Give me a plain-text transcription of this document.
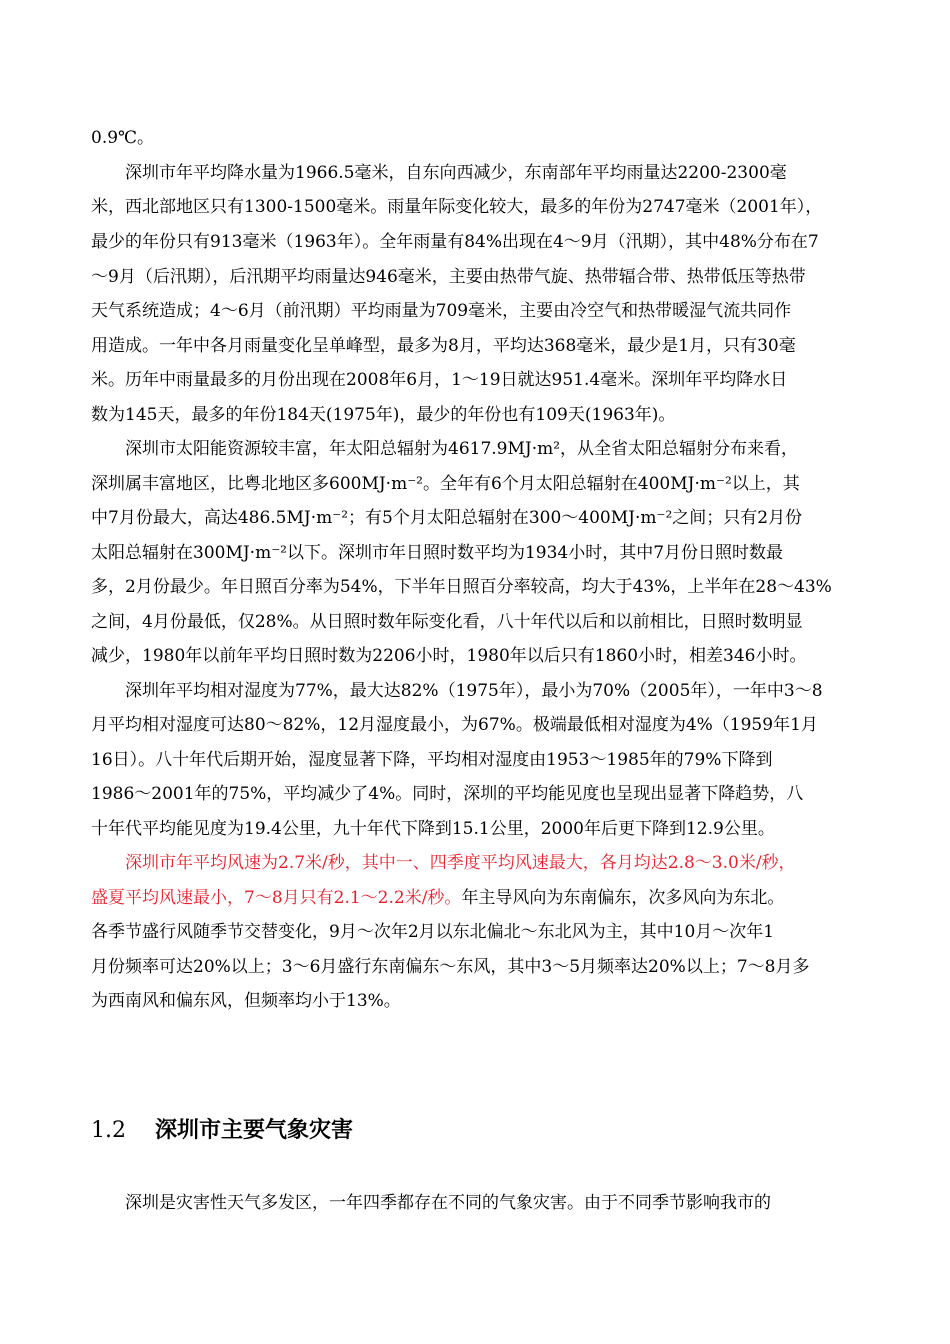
0.9℃。
　　深圳市年平均降水量为1966.5毫米，自东向西减少，东南部年平均雨量达2200-2300毫
米，西北部地区只有1300-1500毫米。雨量年际变化较大，最多的年份为2747毫米（2001年），
最少的年份只有913毫米（1963年）。全年雨量有84%出现在4～9月（汛期），其中48%分布在7
～9月（后汛期），后汛期平均雨量达946毫米，主要由热带气旋、热带辐合带、热带低压等热带
天气系统造成；4～6月（前汛期）平均雨量为709毫米，主要由冷空气和热带暖湿气流共同作
用造成。一年中各月雨量变化呈单峰型，最多为8月，平均达368毫米，最少是1月，只有30毫
米。历年中雨量最多的月份出现在2008年6月，1～19日就达951.4毫米。深圳年平均降水日
数为145天，最多的年份184天(1975年)，最少的年份也有109天(1963年)。
　　深圳市太阳能资源较丰富，年太阳总辐射为4617.9MJ·m²，从全省太阳总辐射分布来看，
深圳属丰富地区，比粤北地区多600MJ·m⁻²。全年有6个月太阳总辐射在400MJ·m⁻²以上，其
中7月份最大，高达486.5MJ·m⁻²；有5个月太阳总辐射在300～400MJ·m⁻²之间；只有2月份
太阳总辐射在300MJ·m⁻²以下。深圳市年日照时数平均为1934小时，其中7月份日照时数最
多，2月份最少。年日照百分率为54%，下半年日照百分率较高，均大于43%，上半年在28～43%
之间，4月份最低，仅28%。从日照时数年际变化看，八十年代以后和以前相比，日照时数明显
减少，1980年以前年平均日照时数为2206小时，1980年以后只有1860小时，相差346小时。
　　深圳年平均相对湿度为77%，最大达82%（1975年），最小为70%（2005年），一年中3～8
月平均相对湿度可达80～82%，12月湿度最小，为67%。极端最低相对湿度为4%（1959年1月
16日）。八十年代后期开始，湿度显著下降，平均相对湿度由1953～1985年的79%下降到
1986～2001年的75%，平均减少了4%。同时，深圳的平均能见度也呈现出显著下降趋势，八
十年代平均能见度为19.4公里，九十年代下降到15.1公里，2000年后更下降到12.9公里。
　　深圳市年平均风速为2.7米/秒，其中一、四季度平均风速最大，各月均达2.8～3.0米/秒，
盛夏平均风速最小，7～8月只有2.1～2.2米/秒。年主导风向为东南偏东，次多风向为东北。
各季节盛行风随季节交替变化，9月～次年2月以东北偏北～东北风为主，其中10月～次年1
月份频率可达20%以上；3～6月盛行东南偏东～东风，其中3～5月频率达20%以上；7～8月多
为西南风和偏东风，但频率均小于13%。
1.2 深圳市主要气象灾害
　　深圳是灾害性天气多发区，一年四季都存在不同的气象灾害。由于不同季节影响我市的
